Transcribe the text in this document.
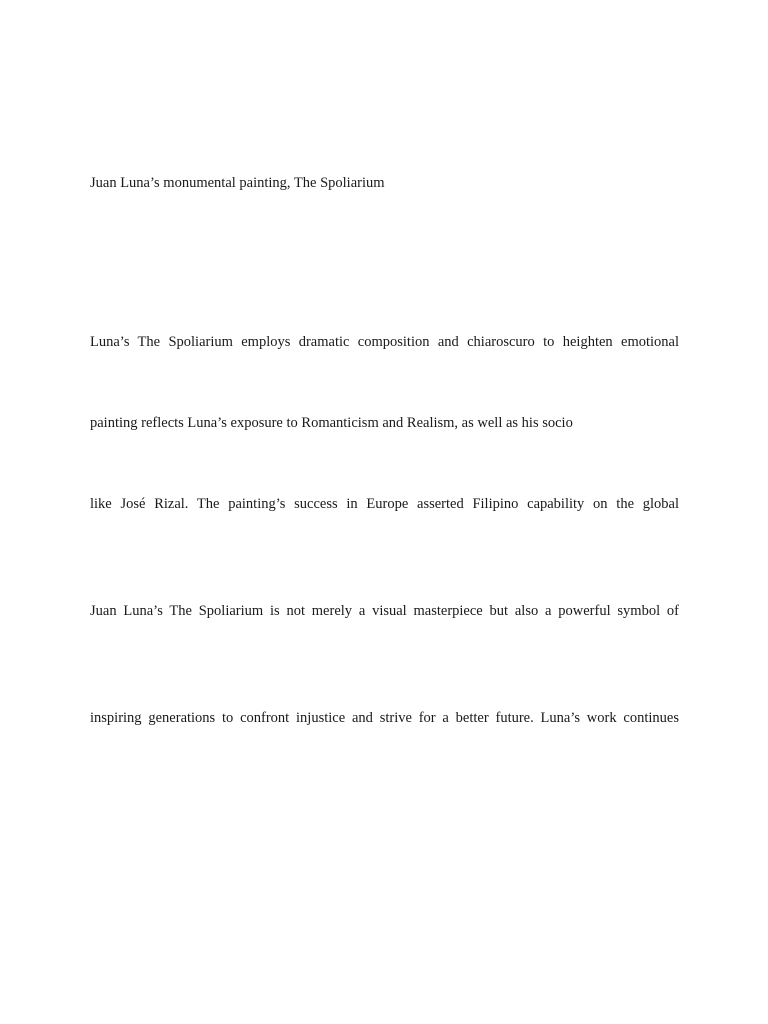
Juan Luna’s monumental painting, The Spoliarium

Luna’s The Spoliarium employs dramatic composition and chiaroscuro to heighten emotional

painting reflects Luna’s exposure to Romanticism and Realism, as well as his socio

like José Rizal. The painting’s success in Europe asserted Filipino capability on the global

Juan Luna’s The Spoliarium is not merely a visual masterpiece but also a powerful symbol of

inspiring generations to confront injustice and strive for a better future. Luna’s work continues
